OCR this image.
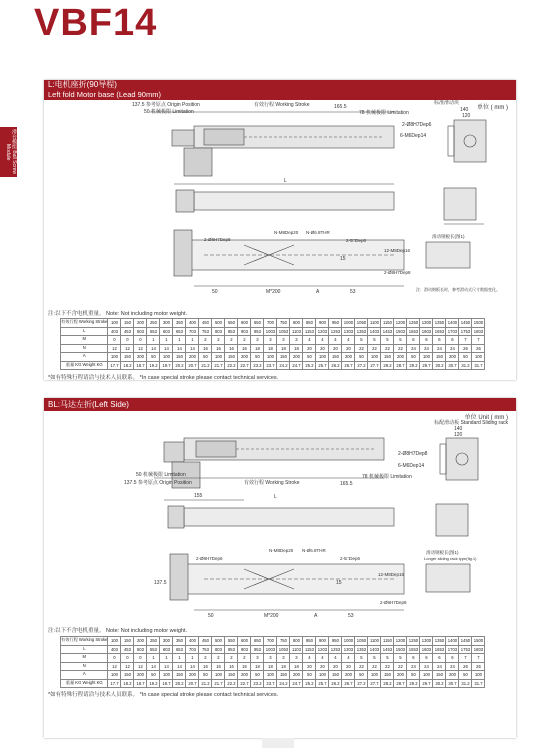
VBF14
滑台模组 Ball Screw Module
L:电机座折(90导程)
Left fold Motor base (Lead 90mm)
单位 ( mm )
137.5 参考原点 Origin Position
50 机械极限 Limitation
有效行程 Working Stroke	165.5
78 机械极限 Limitation
标准滑动块
140
120
2-Ø8H7Dep6
6-M6Dep14
L
N-M8Dep20 N-Ø6.8THR
2-Ø8H7Dep8	2-5□Dep6
12-M8Dep16
2-Ø8H7Dep8
滑动钢板长(图1)
50	M*200	A	53
15
注：滑动钢板长时，参考滑动式尺寸数据变化。
注:以下不含电机重量。 Note: Not including motor weight.
有效行程 Working Stroke	100	150	200	250	300	350	400	450	500	550	600	650	700	750	800	850	900	950	1000	1050	1100	1150	1200	1250	1300	1350	1400	1450	1500
L	403	453	503	553	603	653	703	753	803	853	903	953	1003	1053	1103	1153	1203	1253	1303	1353	1403	1453	1503	1553	1603	1653	1703	1753	1803
M	0	0	0	1	1	1	1	2	2	2	2	3	3	3	3	4	4	4	4	5	5	5	5	6	6	6	6	7	7
N	12	12	12	14	14	14	14	16	16	16	16	18	18	18	18	20	20	20	20	22	22	22	22	24	24	24	24	26	26
A	100	150	200	50	100	150	200	50	100	150	200	50	100	150	200	50	100	150	200	50	100	150	200	50	100	150	200	50	100
重量 KG Weight KG	17.7	18.2	18.7	19.2	19.7	20.2	20.7	21.2	21.7	22.2	22.7	23.2	23.7	24.2	24.7	25.2	25.7	26.2	26.7	27.2	27.7	28.2	28.7	29.2	29.7	30.2	30.7	31.2	31.7
*如有特殊行程请洽与技术人员联系。 *In case special stroke please contact technical services.
BL:马达左折(Left Side)
单位 Unit ( mm )
标配滑动板 Standard Sliding rack
50 机械极限 Limitation
137.5 参考原点 Origin Position	有效行程 Working Stroke	165.5
78 机械极限 Limitation
140
120
2-Ø8H7Dep8
6-M6Dep14
155	L
N-M8Dep20 N-Ø6.8THR
2-Ø8H7Dep6	2-5□Dep6
12-M8Dep16
2-Ø8H7Dep8
滑动钢板长(图1)
Longer sliding rack type(fig.1)
137.5
50	M*200	A	53
15
注:以下不含电机重量。 Note: Not including motor weight.
有效行程 Working Stroke	100	150	200	250	300	350	400	450	500	550	600	650	700	750	800	850	900	950	1000	1050	1100	1150	1200	1250	1300	1350	1400	1450	1500
L	403	453	503	553	603	653	703	753	803	853	903	953	1003	1053	1103	1153	1203	1253	1303	1353	1403	1453	1503	1553	1603	1653	1703	1753	1803
M	0	0	0	1	1	1	1	2	2	2	2	3	3	3	3	4	4	4	4	5	5	5	5	6	6	6	6	7	7
N	12	12	12	14	14	14	14	16	16	16	16	18	18	18	18	20	20	20	20	22	22	22	22	24	24	24	24	26	26
A	100	150	200	50	100	150	200	50	100	150	200	50	100	150	200	50	100	150	200	50	100	150	200	50	100	150	200	50	100
重量 KG Weight KG	17.7	18.2	18.7	19.2	19.7	20.2	20.7	21.2	21.7	22.2	22.7	23.2	23.7	24.2	24.7	25.2	25.7	26.2	26.7	27.2	27.7	28.2	28.7	29.2	29.7	30.2	30.7	31.2	31.7
*如有特殊行程请洽与技术人员联系。 *In case special stroke please contact technical services.
